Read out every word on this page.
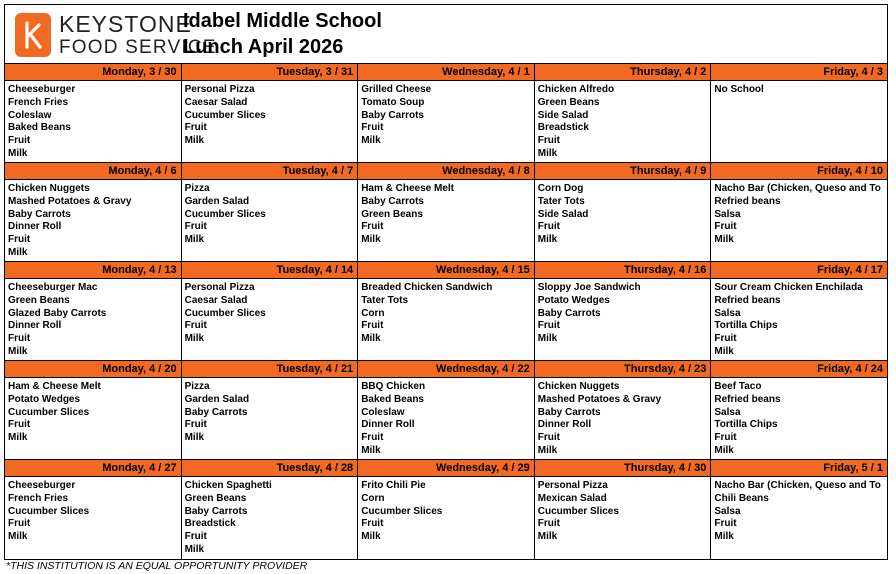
KEYSTONE
FOOD SERVICE
Idabel Middle School
Lunch April 2026
Monday, 3 / 30
Cheeseburger
French Fries
Coleslaw
Baked Beans
Fruit
Milk
Tuesday, 3 / 31
Personal Pizza
Caesar Salad
Cucumber Slices
Fruit
Milk
Wednesday, 4 / 1
Grilled Cheese
Tomato Soup
Baby Carrots
Fruit
Milk
Thursday, 4 / 2
Chicken Alfredo
Green Beans
Side Salad
Breadstick
Fruit
Milk
Friday, 4 / 3
No School
Monday, 4 / 6
Chicken Nuggets
Mashed Potatoes & Gravy
Baby Carrots
Dinner Roll
Fruit
Milk
Tuesday, 4 / 7
Pizza
Garden Salad
Cucumber Slices
Fruit
Milk
Wednesday, 4 / 8
Ham & Cheese Melt
Baby Carrots
Green Beans
Fruit
Milk
Thursday, 4 / 9
Corn Dog
Tater Tots
Side Salad
Fruit
Milk
Friday, 4 / 10
Nacho Bar (Chicken, Queso and To
Refried beans
Salsa
Fruit
Milk
Monday, 4 / 13
Cheeseburger Mac
Green Beans
Glazed Baby Carrots
Dinner Roll
Fruit
Milk
Tuesday, 4 / 14
Personal Pizza
Caesar Salad
Cucumber Slices
Fruit
Milk
Wednesday, 4 / 15
Breaded Chicken Sandwich
Tater Tots
Corn
Fruit
Milk
Thursday, 4 / 16
Sloppy Joe Sandwich
Potato Wedges
Baby Carrots
Fruit
Milk
Friday, 4 / 17
Sour Cream Chicken Enchilada
Refried beans
Salsa
Tortilla Chips
Fruit
Milk
Monday, 4 / 20
Ham & Cheese Melt
Potato Wedges
Cucumber Slices
Fruit
Milk
Tuesday, 4 / 21
Pizza
Garden Salad
Baby Carrots
Fruit
Milk
Wednesday, 4 / 22
BBQ Chicken
Baked Beans
Coleslaw
Dinner Roll
Fruit
Milk
Thursday, 4 / 23
Chicken Nuggets
Mashed Potatoes & Gravy
Baby Carrots
Dinner Roll
Fruit
Milk
Friday, 4 / 24
Beef Taco
Refried beans
Salsa
Tortilla Chips
Fruit
Milk
Monday, 4 / 27
Cheeseburger
French Fries
Cucumber Slices
Fruit
Milk
Tuesday, 4 / 28
Chicken Spaghetti
Green Beans
Baby Carrots
Breadstick
Fruit
Milk
Wednesday, 4 / 29
Frito Chili Pie
Corn
Cucumber Slices
Fruit
Milk
Thursday, 4 / 30
Personal Pizza
Mexican Salad
Cucumber Slices
Fruit
Milk
Friday, 5 / 1
Nacho Bar (Chicken, Queso and To
Chili Beans
Salsa
Fruit
Milk
*THIS INSTITUTION IS AN EQUAL OPPORTUNITY PROVIDER
